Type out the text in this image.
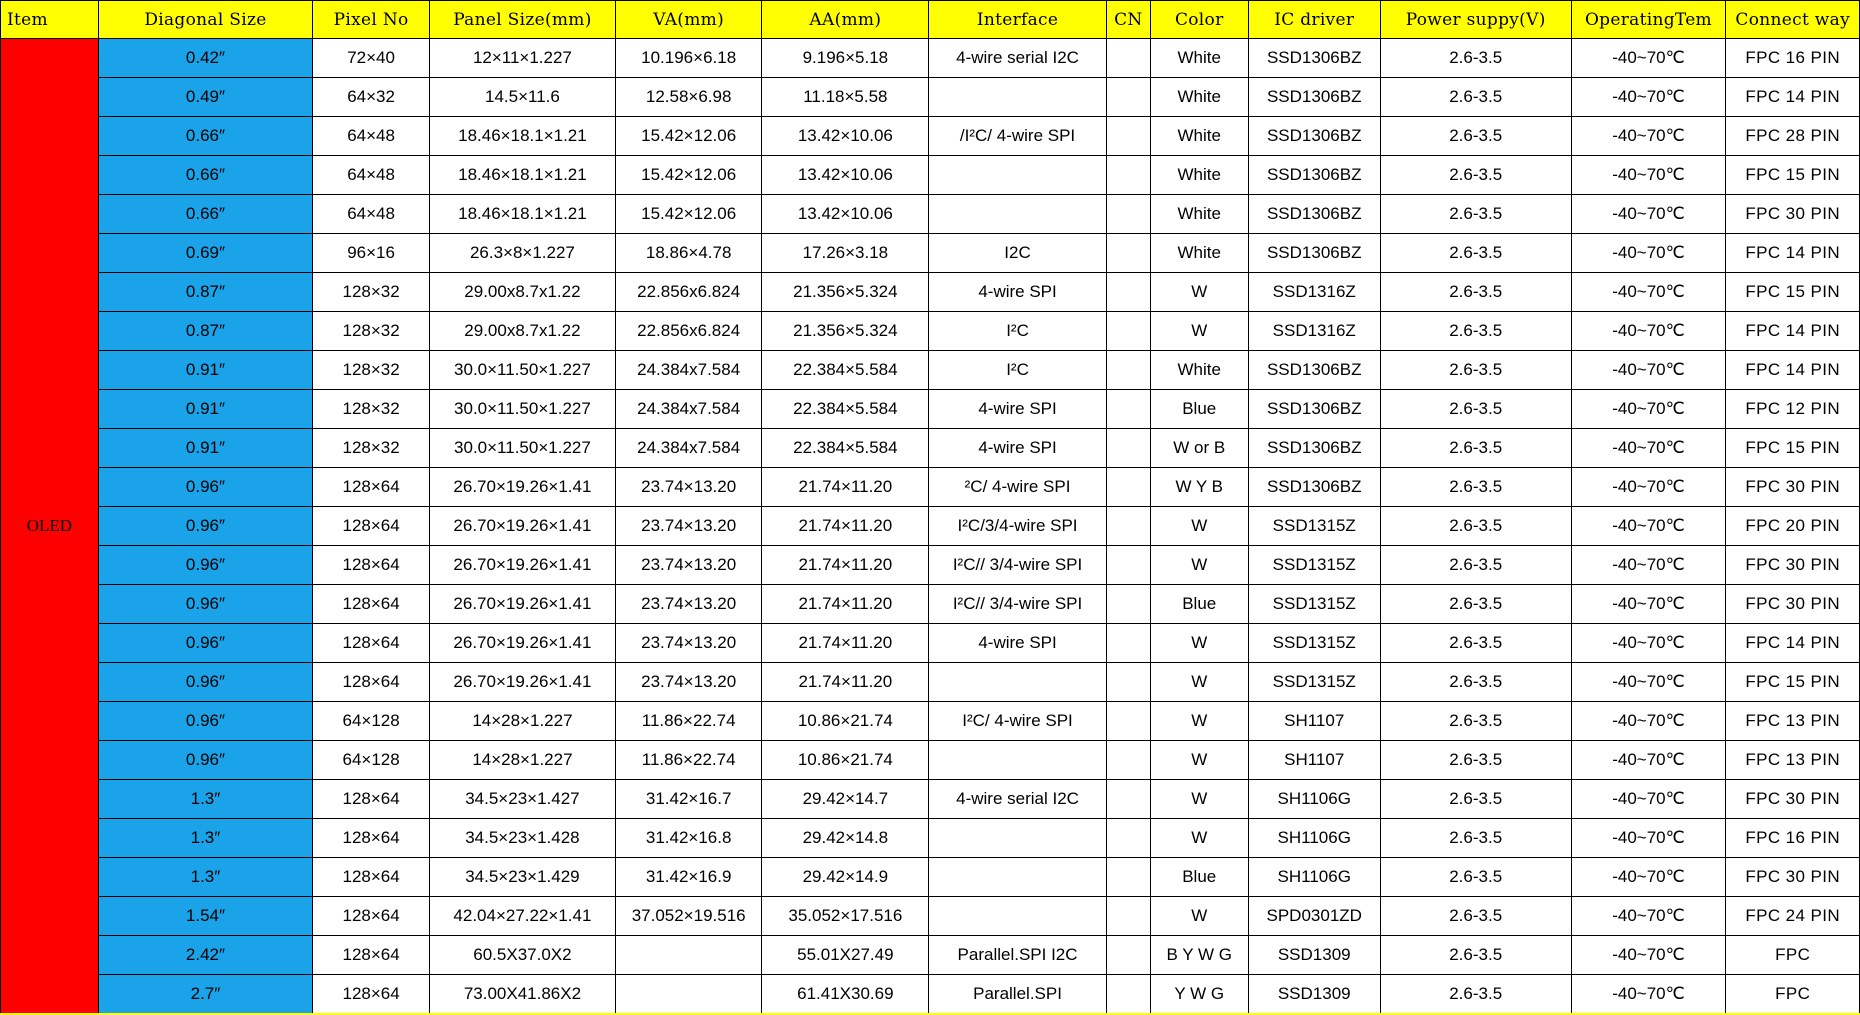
Item	Diagonal Size	Pixel No	Panel Size(mm)	VA(mm)	AA(mm)	Interface	CN	Color	IC driver	Power suppy(V)	OperatingTem	Connect way
OLED	0.42″	72×40	12×11×1.227	10.196×6.18	9.196×5.18	4-wire serial I2C		White	SSD1306BZ	2.6-3.5	-40~70℃	FPC 16 PIN
	0.49″	64×32	14.5×11.6	12.58×6.98	11.18×5.58			White	SSD1306BZ	2.6-3.5	-40~70℃	FPC 14 PIN
	0.66″	64×48	18.46×18.1×1.21	15.42×12.06	13.42×10.06	/I²C/ 4-wire SPI		White	SSD1306BZ	2.6-3.5	-40~70℃	FPC 28 PIN
	0.66″	64×48	18.46×18.1×1.21	15.42×12.06	13.42×10.06			White	SSD1306BZ	2.6-3.5	-40~70℃	FPC 15 PIN
	0.66″	64×48	18.46×18.1×1.21	15.42×12.06	13.42×10.06			White	SSD1306BZ	2.6-3.5	-40~70℃	FPC 30 PIN
	0.69″	96×16	26.3×8×1.227	18.86×4.78	17.26×3.18	I2C		White	SSD1306BZ	2.6-3.5	-40~70℃	FPC 14 PIN
	0.87″	128×32	29.00x8.7x1.22	22.856x6.824	21.356×5.324	4-wire SPI		W	SSD1316Z	2.6-3.5	-40~70℃	FPC 15 PIN
	0.87″	128×32	29.00x8.7x1.22	22.856x6.824	21.356×5.324	I²C		W	SSD1316Z	2.6-3.5	-40~70℃	FPC 14 PIN
	0.91″	128×32	30.0×11.50×1.227	24.384x7.584	22.384×5.584	I²C		White	SSD1306BZ	2.6-3.5	-40~70℃	FPC 14 PIN
	0.91″	128×32	30.0×11.50×1.227	24.384x7.584	22.384×5.584	4-wire SPI		Blue	SSD1306BZ	2.6-3.5	-40~70℃	FPC 12 PIN
	0.91″	128×32	30.0×11.50×1.227	24.384x7.584	22.384×5.584	4-wire SPI		W or B	SSD1306BZ	2.6-3.5	-40~70℃	FPC 15 PIN
	0.96″	128×64	26.70×19.26×1.41	23.74×13.20	21.74×11.20	²C/ 4-wire SPI		W Y B	SSD1306BZ	2.6-3.5	-40~70℃	FPC 30 PIN
	0.96″	128×64	26.70×19.26×1.41	23.74×13.20	21.74×11.20	I²C/3/4-wire SPI		W	SSD1315Z	2.6-3.5	-40~70℃	FPC 20 PIN
	0.96″	128×64	26.70×19.26×1.41	23.74×13.20	21.74×11.20	I²C// 3/4-wire SPI		W	SSD1315Z	2.6-3.5	-40~70℃	FPC 30 PIN
	0.96″	128×64	26.70×19.26×1.41	23.74×13.20	21.74×11.20	I²C// 3/4-wire SPI		Blue	SSD1315Z	2.6-3.5	-40~70℃	FPC 30 PIN
	0.96″	128×64	26.70×19.26×1.41	23.74×13.20	21.74×11.20	4-wire SPI		W	SSD1315Z	2.6-3.5	-40~70℃	FPC 14 PIN
	0.96″	128×64	26.70×19.26×1.41	23.74×13.20	21.74×11.20			W	SSD1315Z	2.6-3.5	-40~70℃	FPC 15 PIN
	0.96″	64×128	14×28×1.227	11.86×22.74	10.86×21.74	I²C/ 4-wire SPI		W	SH1107	2.6-3.5	-40~70℃	FPC 13 PIN
	0.96″	64×128	14×28×1.227	11.86×22.74	10.86×21.74			W	SH1107	2.6-3.5	-40~70℃	FPC 13 PIN
	1.3″	128×64	34.5×23×1.427	31.42×16.7	29.42×14.7	4-wire serial I2C		W	SH1106G	2.6-3.5	-40~70℃	FPC 30 PIN
	1.3″	128×64	34.5×23×1.428	31.42×16.8	29.42×14.8			W	SH1106G	2.6-3.5	-40~70℃	FPC 16 PIN
	1.3″	128×64	34.5×23×1.429	31.42×16.9	29.42×14.9			Blue	SH1106G	2.6-3.5	-40~70℃	FPC 30 PIN
	1.54″	128×64	42.04×27.22×1.41	37.052×19.516	35.052×17.516			W	SPD0301ZD	2.6-3.5	-40~70℃	FPC 24 PIN
	2.42″	128×64	60.5X37.0X2		55.01X27.49	Parallel.SPI I2C		B Y W G	SSD1309	2.6-3.5	-40~70℃	FPC
	2.7″	128×64	73.00X41.86X2		61.41X30.69	Parallel.SPI		Y W G	SSD1309	2.6-3.5	-40~70℃	FPC
